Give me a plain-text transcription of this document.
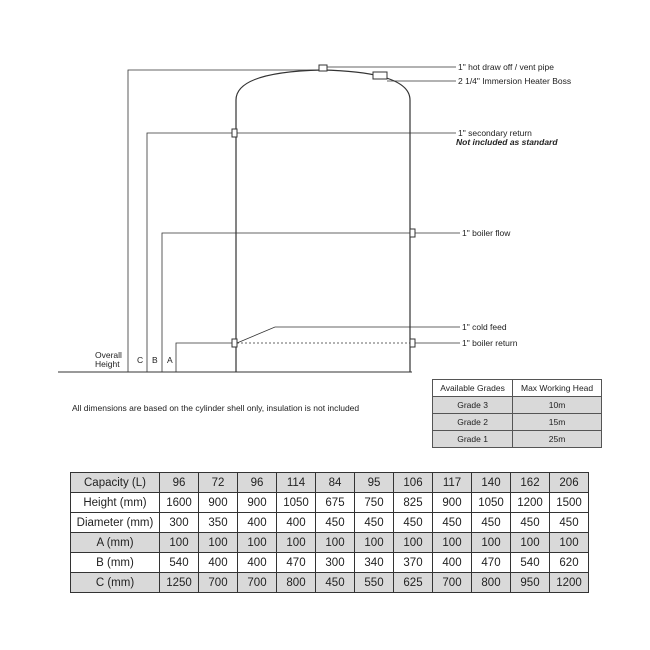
1" hot draw off / vent pipe
2 1/4" Immersion Heater Boss
1" secondary return
Not included as standard
1" boiler flow
1" cold feed
1" boiler return
Overall
Height C B A
All dimensions are based on the cylinder shell only, insulation is not included
Available Grades	Max Working Head
Grade 3	10m
Grade 2	15m
Grade 1	25m
Capacity (L)	96	72	96	114	84	95	106	117	140	162	206
Height (mm)	1600	900	900	1050	675	750	825	900	1050	1200	1500
Diameter (mm)	300	350	400	400	450	450	450	450	450	450	450
A (mm)	100	100	100	100	100	100	100	100	100	100	100
B (mm)	540	400	400	470	300	340	370	400	470	540	620
C (mm)	1250	700	700	800	450	550	625	700	800	950	1200
